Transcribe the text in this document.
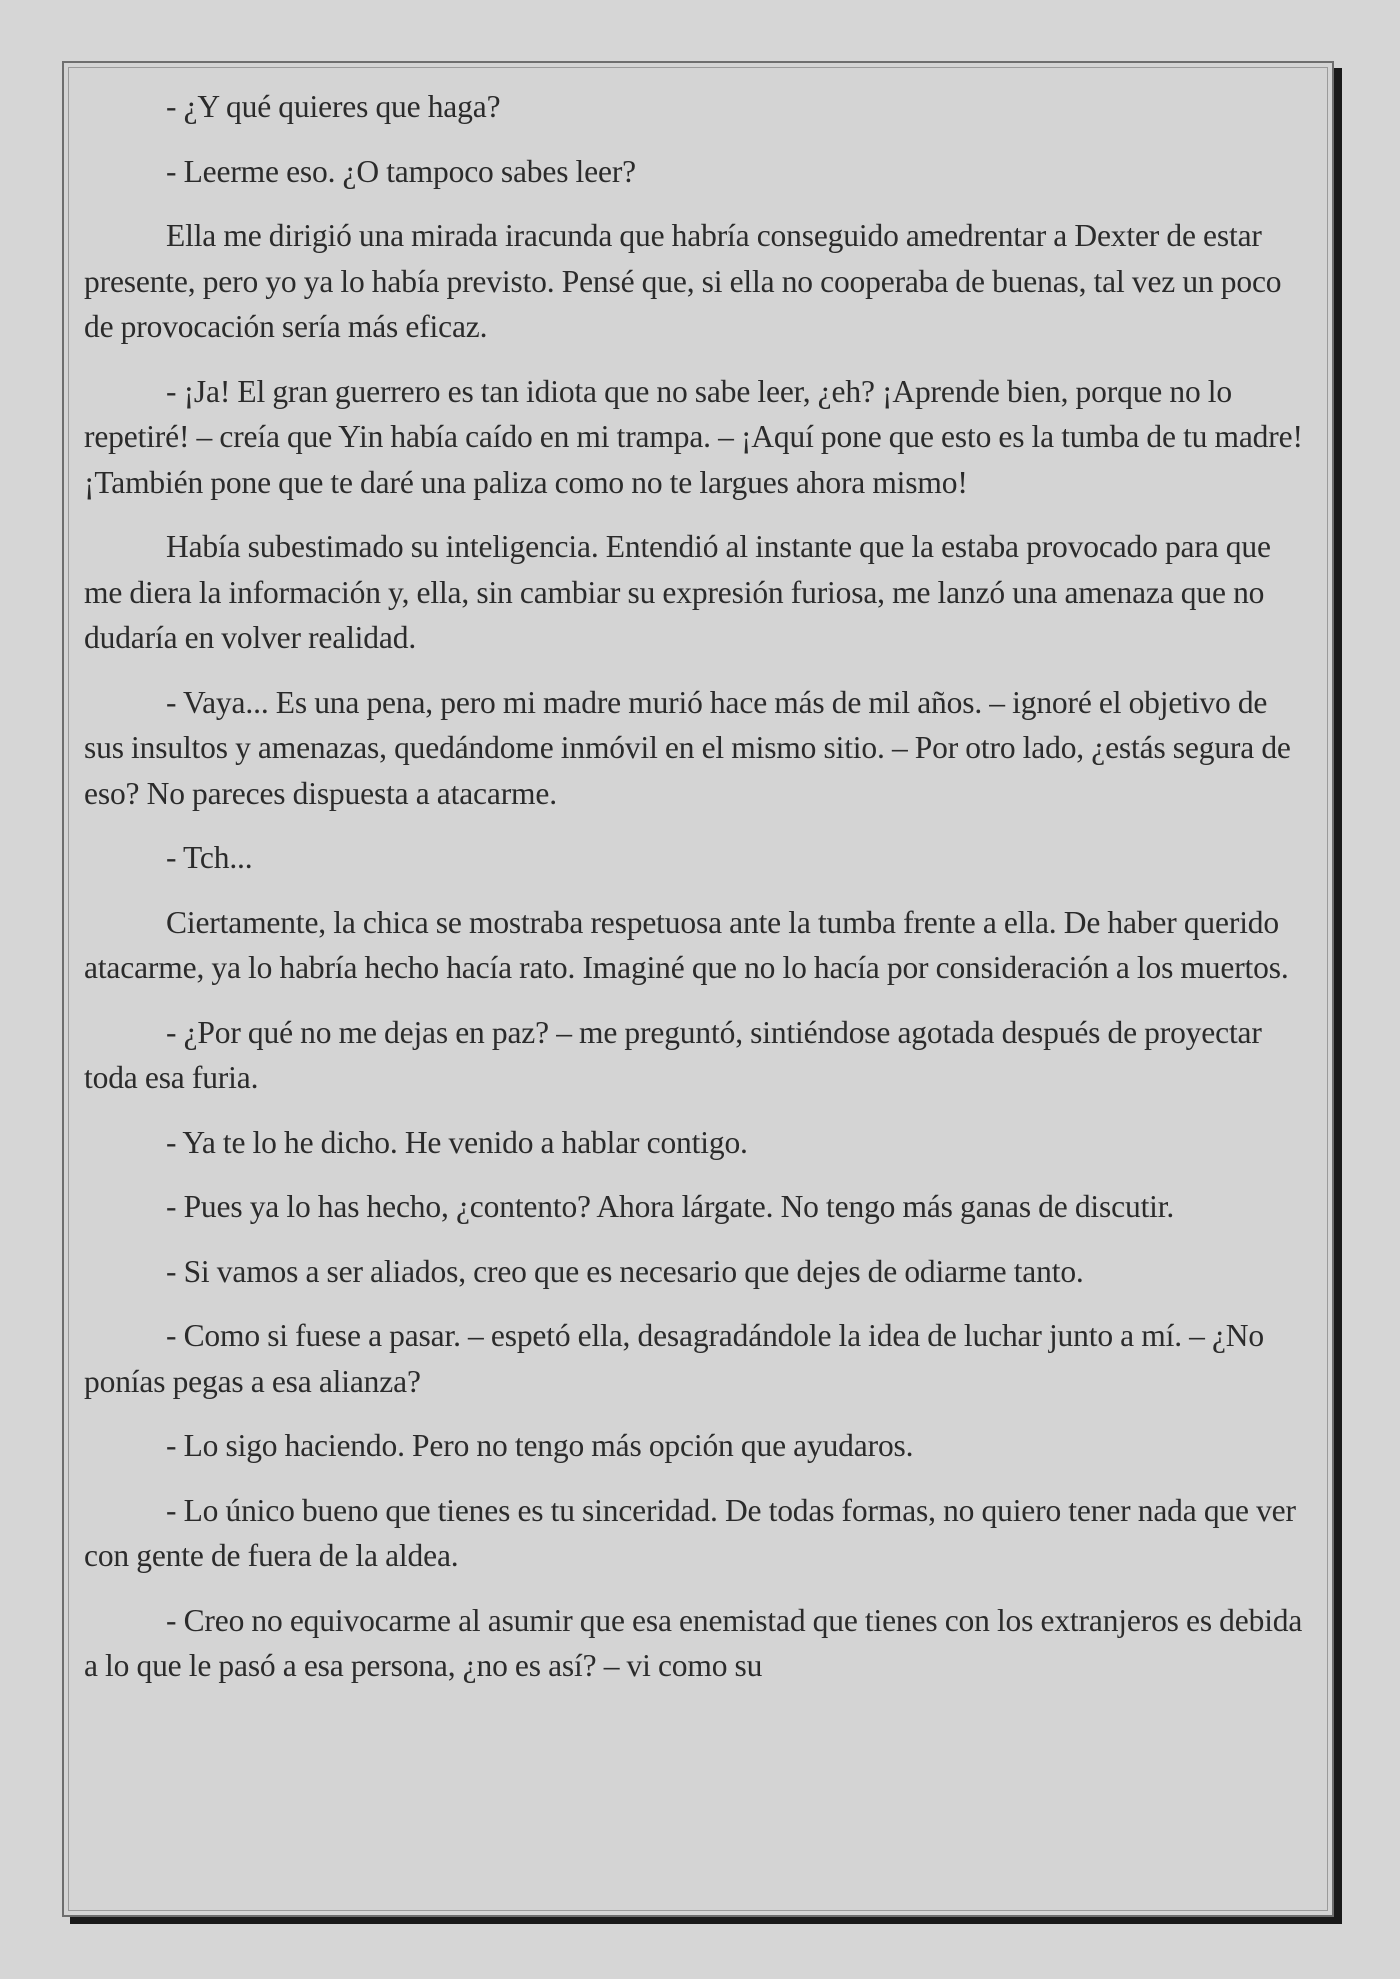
- ¿Y qué quieres que haga?

- Leerme eso. ¿O tampoco sabes leer?

Ella me dirigió una mirada iracunda que habría conseguido amedrentar a Dexter de estar presente, pero yo ya lo había previsto. Pensé que, si ella no cooperaba de buenas, tal vez un poco de provocación sería más eficaz.

- ¡Ja! El gran guerrero es tan idiota que no sabe leer, ¿eh? ¡Aprende bien, porque no lo repetiré! – creía que Yin había caído en mi trampa. – ¡Aquí pone que esto es la tumba de tu madre! ¡También pone que te daré una paliza como no te largues ahora mismo!

Había subestimado su inteligencia. Entendió al instante que la estaba provocado para que me diera la información y, ella, sin cambiar su expresión furiosa, me lanzó una amenaza que no dudaría en volver realidad.

- Vaya... Es una pena, pero mi madre murió hace más de mil años. – ignoré el objetivo de sus insultos y amenazas, quedándome inmóvil en el mismo sitio. – Por otro lado, ¿estás segura de eso? No pareces dispuesta a atacarme.

- Tch...

Ciertamente, la chica se mostraba respetuosa ante la tumba frente a ella. De haber querido atacarme, ya lo habría hecho hacía rato. Imaginé que no lo hacía por consideración a los muertos.

- ¿Por qué no me dejas en paz? – me preguntó, sintiéndose agotada después de proyectar toda esa furia.

- Ya te lo he dicho. He venido a hablar contigo.

- Pues ya lo has hecho, ¿contento? Ahora lárgate. No tengo más ganas de discutir.

- Si vamos a ser aliados, creo que es necesario que dejes de odiarme tanto.

- Como si fuese a pasar. – espetó ella, desagradándole la idea de luchar junto a mí. – ¿No ponías pegas a esa alianza?

- Lo sigo haciendo. Pero no tengo más opción que ayudaros.

- Lo único bueno que tienes es tu sinceridad. De todas formas, no quiero tener nada que ver con gente de fuera de la aldea.

- Creo no equivocarme al asumir que esa enemistad que tienes con los extranjeros es debida a lo que le pasó a esa persona, ¿no es así? – vi como su
